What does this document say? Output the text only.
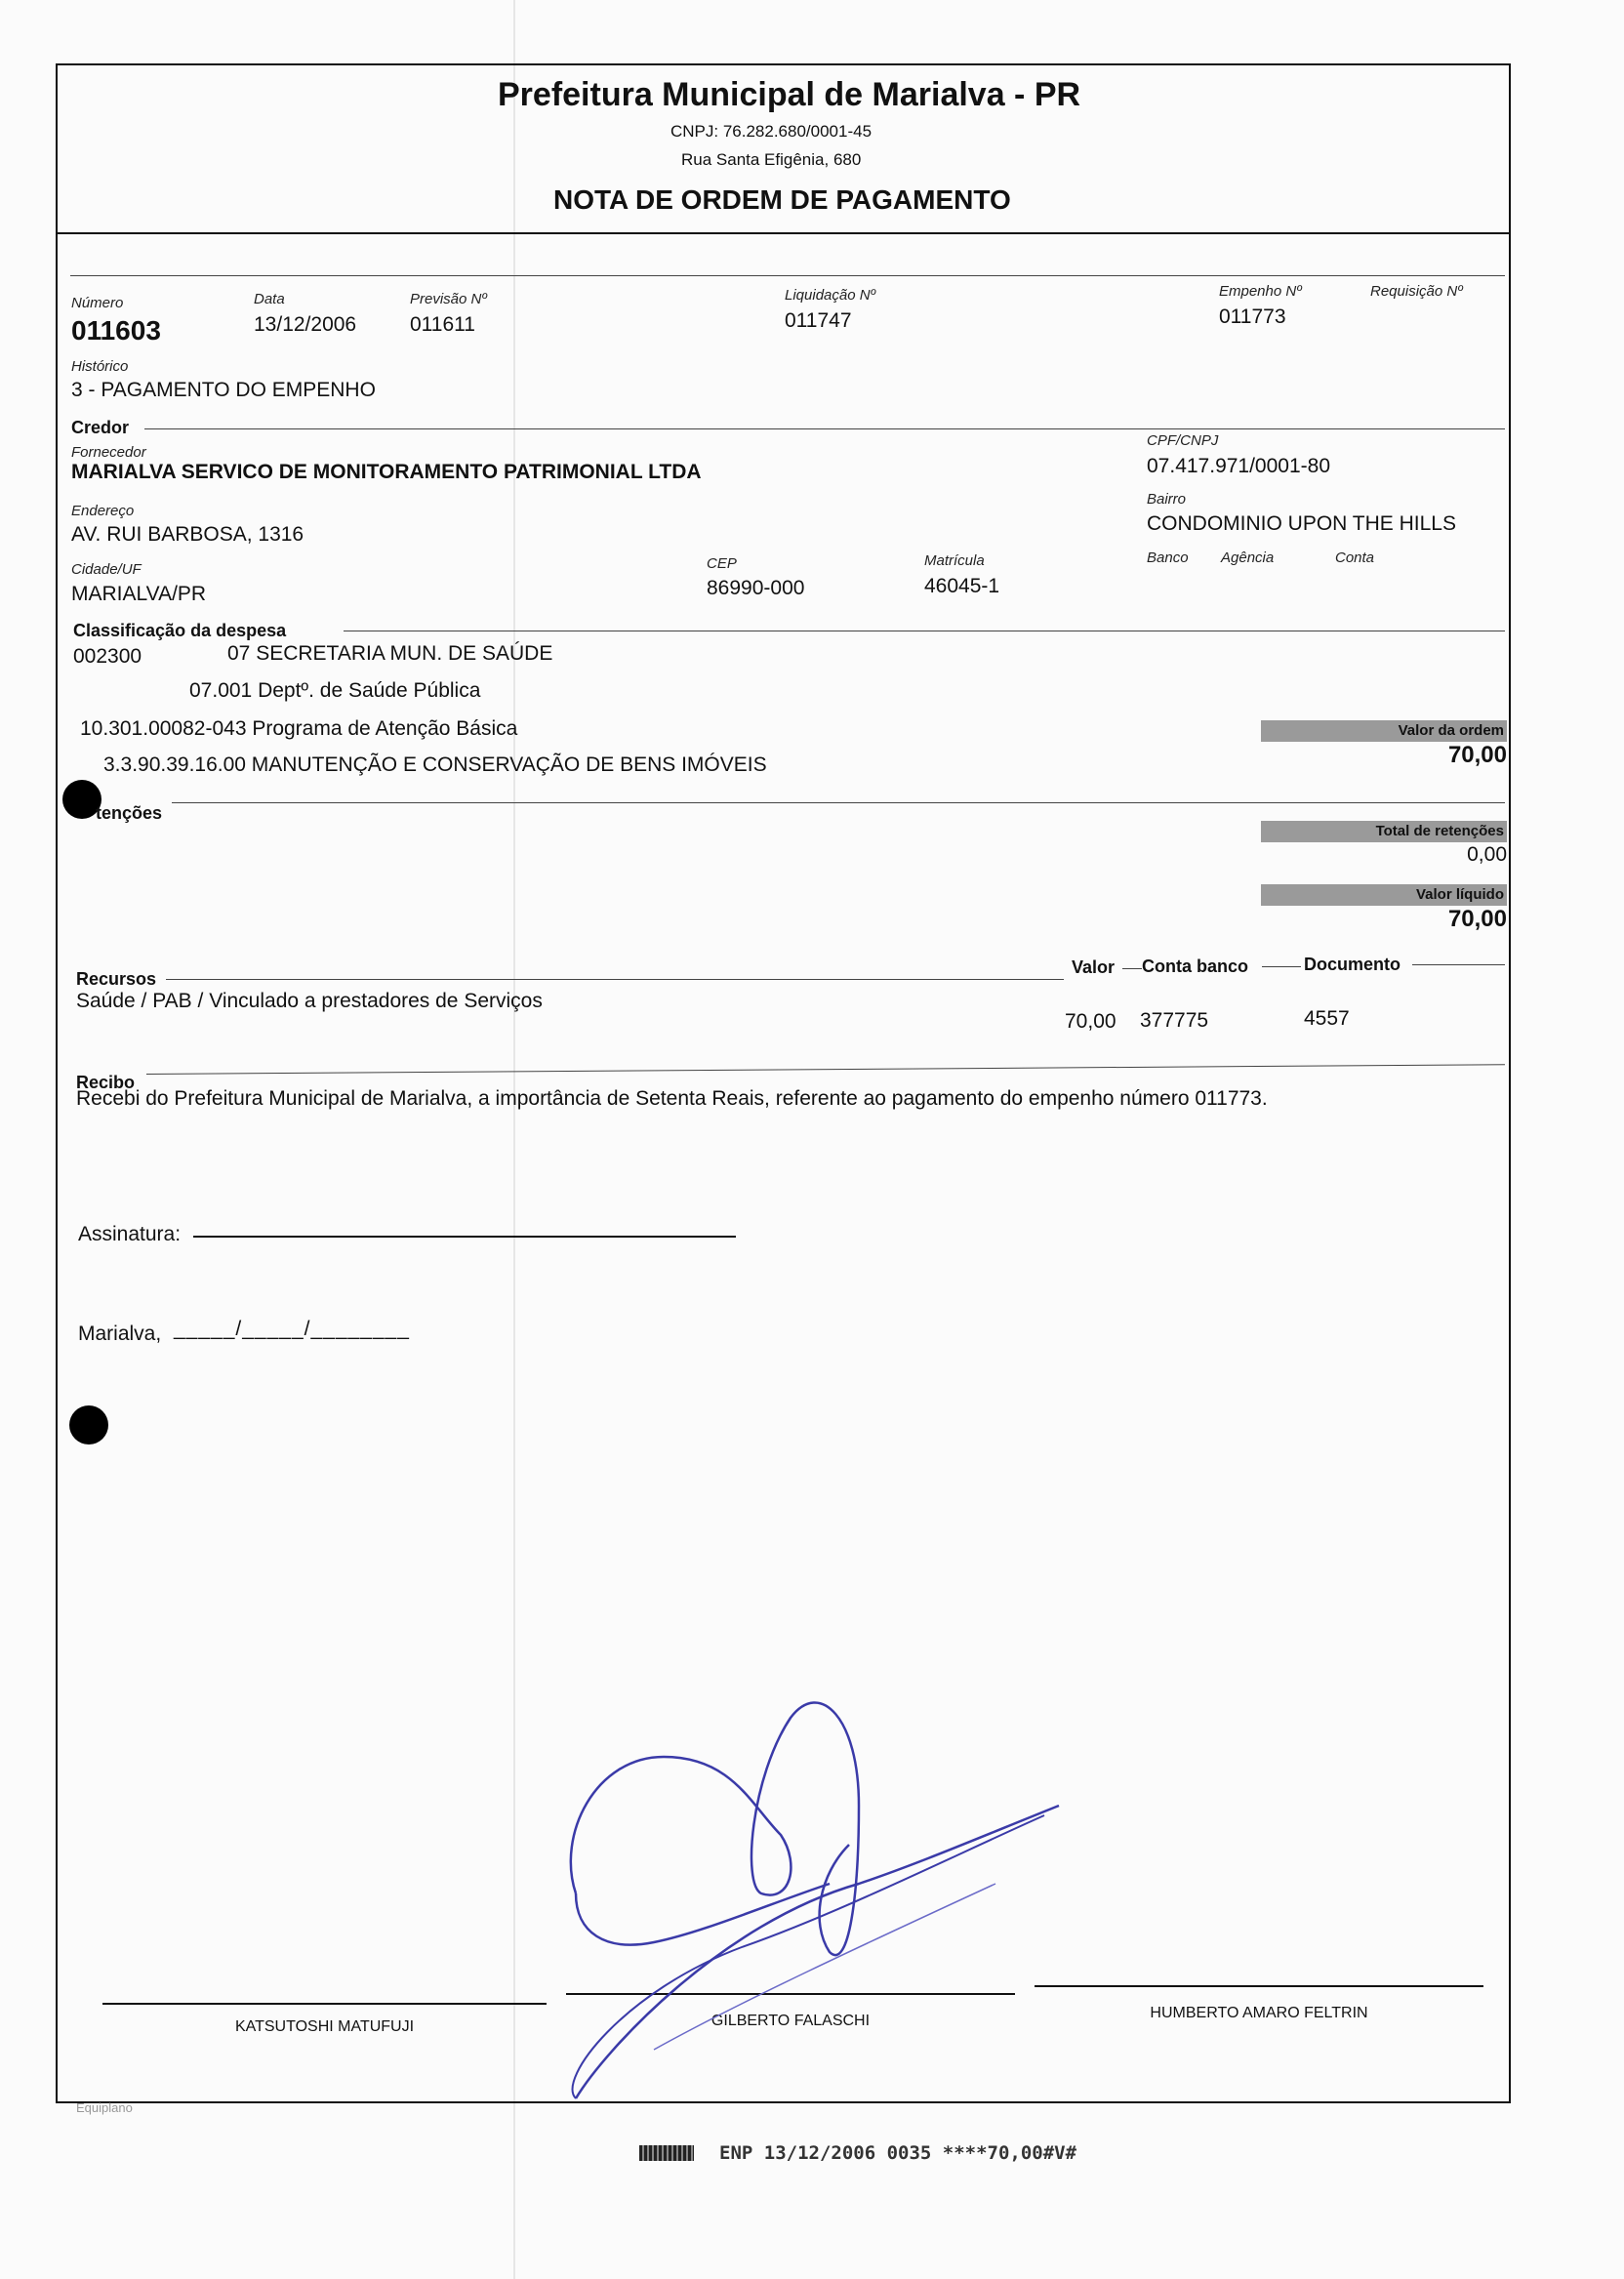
Prefeitura Municipal de Marialva - PR
CNPJ: 76.282.680/0001-45
Rua Santa Efigênia, 680
NOTA DE ORDEM DE PAGAMENTO
Número
011603
Data
13/12/2006
Previsão Nº
011611
Liquidação Nº
011747
Empenho Nº
011773
Requisição Nº
Histórico
3 - PAGAMENTO DO EMPENHO
Credor
Fornecedor
MARIALVA SERVICO DE MONITORAMENTO PATRIMONIAL LTDA
CPF/CNPJ
07.417.971/0001-80
Endereço
AV. RUI BARBOSA, 1316
Bairro
CONDOMINIO UPON THE HILLS
Cidade/UF
MARIALVA/PR
CEP
86990-000
Matrícula
46045-1
Banco Agência	Conta
Classificação da despesa
002300	07 SECRETARIA MUN. DE SAÚDE
07.001 Deptº. de Saúde Pública
10.301.00082-043 Programa de Atenção Básica
3.3.90.39.16.00 MANUTENÇÃO E CONSERVAÇÃO DE BENS IMÓVEIS
Valor da ordem
70,00
tenções
Total de retenções
0,00
Valor líquido
70,00
Recursos
Valor Conta banco	Documento
Saúde / PAB / Vinculado a prestadores de Serviços
70,00 377775	4557
Recibo
Recebi do Prefeitura Municipal de Marialva, a importância de Setenta Reais, referente ao pagamento do empenho número 011773.
Assinatura:
Marialva, _____/_____/________
KATSUTOSHI MATUFUJI	GILBERTO FALASCHI	HUMBERTO AMARO FELTRIN
Equiplano
ENP 13/12/2006 0035 ****70,00#V#
